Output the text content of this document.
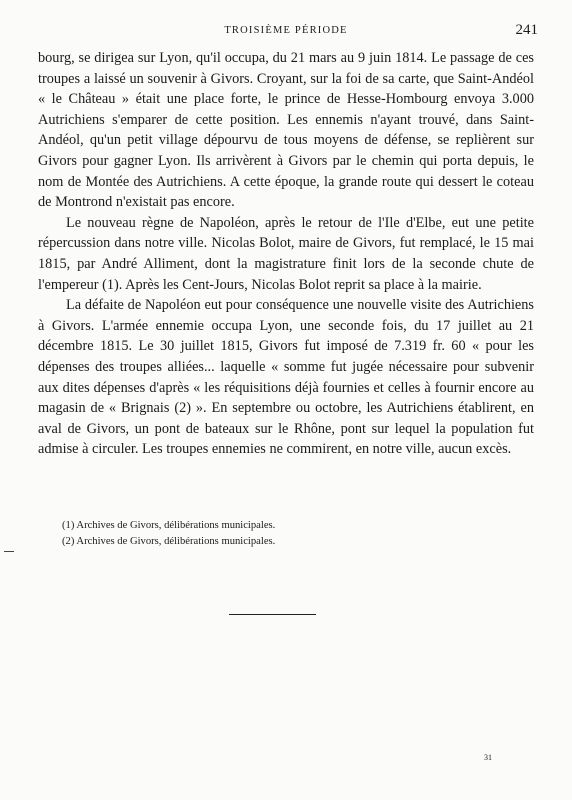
TROISIÈME PÉRIODE	241

bourg, se dirigea sur Lyon, qu'il occupa, du 21 mars au 9 juin 1814. Le passage de ces troupes a laissé un souvenir à Givors. Croyant, sur la foi de sa carte, que Saint-Andéol « le Château » était une place forte, le prince de Hesse-Hombourg envoya 3.000 Autrichiens s'emparer de cette position. Les ennemis n'ayant trouvé, dans Saint-Andéol, qu'un petit village dépourvu de tous moyens de défense, se replièrent sur Givors pour gagner Lyon. Ils arrivèrent à Givors par le chemin qui porta depuis, le nom de Montée des Autrichiens. A cette époque, la grande route qui dessert le coteau de Montrond n'existait pas encore.

Le nouveau règne de Napoléon, après le retour de l'Ile d'Elbe, eut une petite répercussion dans notre ville. Nicolas Bolot, maire de Givors, fut remplacé, le 15 mai 1815, par André Alliment, dont la magistrature finit lors de la seconde chute de l'empereur (1). Après les Cent-Jours, Nicolas Bolot reprit sa place à la mairie.

La défaite de Napoléon eut pour conséquence une nouvelle visite des Autrichiens à Givors. L'armée ennemie occupa Lyon, une seconde fois, du 17 juillet au 21 décembre 1815. Le 30 juillet 1815, Givors fut imposé de 7.319 fr. 60 « pour les dépenses des troupes alliées... laquelle « somme fut jugée nécessaire pour subvenir aux dites dépenses d'après « les réquisitions déjà fournies et celles à fournir encore au magasin de « Brignais (2) ». En septembre ou octobre, les Autrichiens établirent, en aval de Givors, un pont de bateaux sur le Rhône, pont sur lequel la population fut admise à circuler. Les troupes ennemies ne commirent, en notre ville, aucun excès.

(1) Archives de Givors, délibérations municipales.

(2) Archives de Givors, délibérations municipales.

31
